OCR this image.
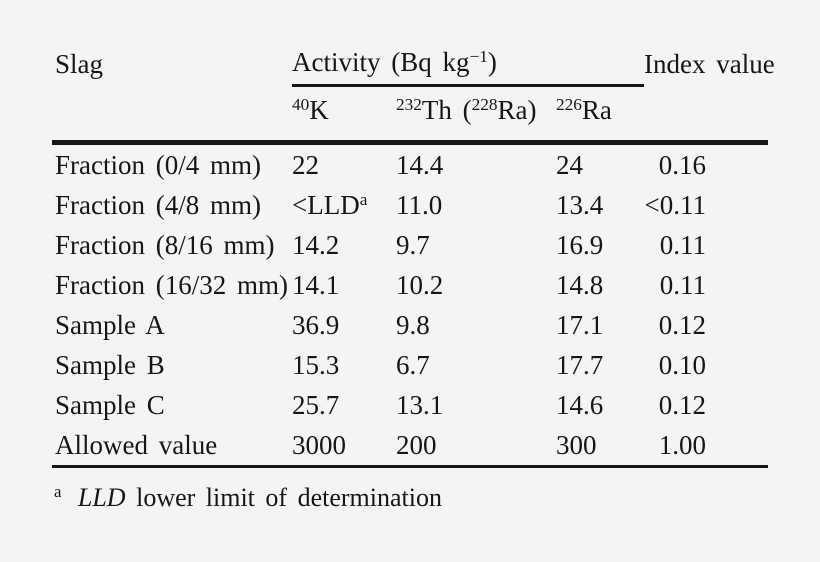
Slag	Activity (Bq $kg^{-1}$)			Index value
	$^{40}$K	$^{232}$Th ($^{228}$Ra)	$^{226}$Ra	
Fraction (0/4 mm)	22	14.4	24	0.16
Fraction (4/8 mm)	$<LLD^a$	11.0	13.4	<0.11
Fraction (8/16 mm)	14.2	9.7	16.9	0.11
Fraction (16/32 mm)	14.1	10.2	14.8	0.11
Sample A	36.9	9.8	17.1	0.12
Sample B	15.3	6.7	17.7	0.10
Sample C	25.7	13.1	14.6	0.12
Allowed value	3000	200	300	1.00
$^a$ LLD lower limit of determination
